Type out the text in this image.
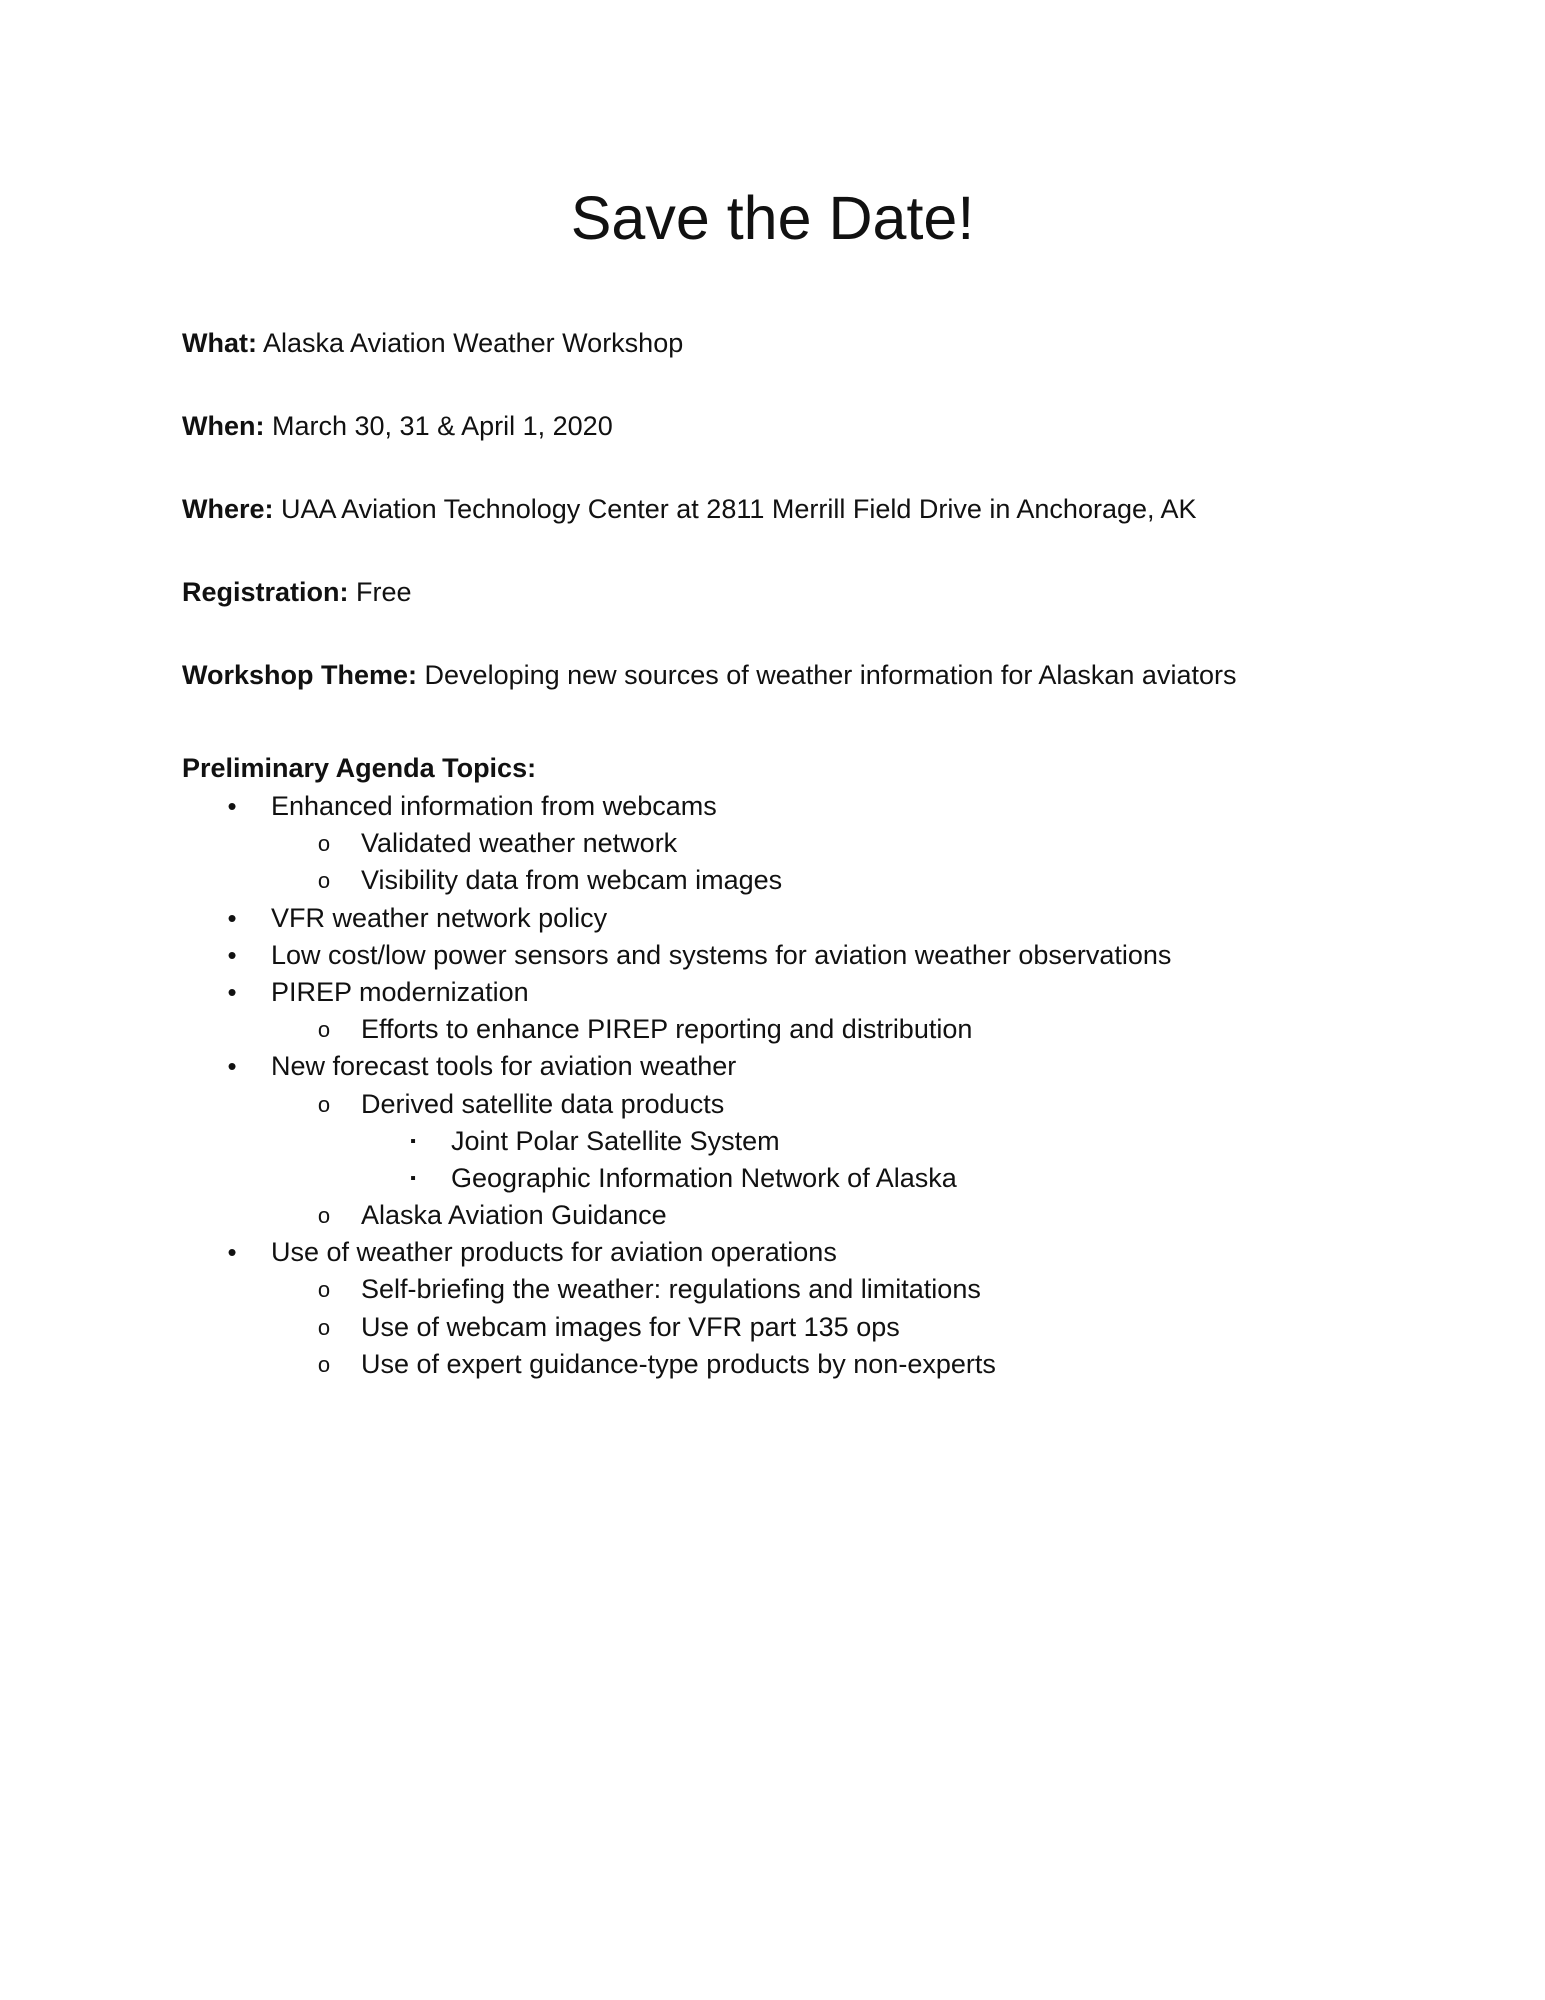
Save the Date!

What: Alaska Aviation Weather Workshop

When: March 30, 31 & April 1, 2020

Where: UAA Aviation Technology Center at 2811 Merrill Field Drive in Anchorage, AK

Registration: Free

Workshop Theme: Developing new sources of weather information for Alaskan aviators

Preliminary Agenda Topics:

•	Enhanced information from webcams
o	Validated weather network
o	Visibility data from webcam images
•	VFR weather network policy
•	Low cost/low power sensors and systems for aviation weather observations
•	PIREP modernization
o	Efforts to enhance PIREP reporting and distribution
•	New forecast tools for aviation weather
o	Derived satellite data products
▪	Joint Polar Satellite System
▪	Geographic Information Network of Alaska
o	Alaska Aviation Guidance
•	Use of weather products for aviation operations
o	Self-briefing the weather: regulations and limitations
o	Use of webcam images for VFR part 135 ops
o	Use of expert guidance-type products by non-experts
